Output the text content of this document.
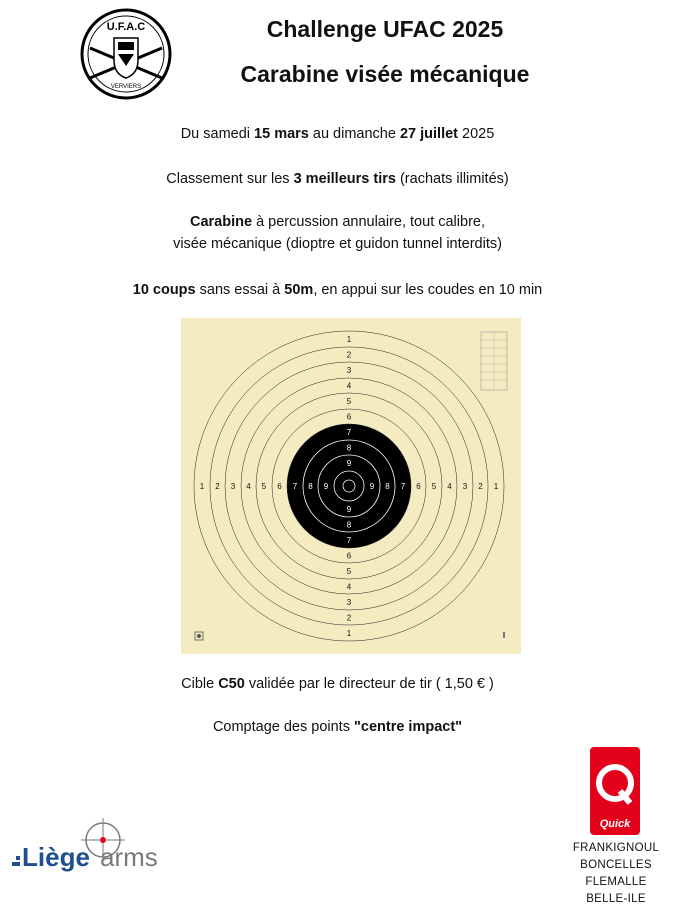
U.F.A.C
VERVIERS
Challenge UFAC 2025
Carabine visée mécanique
Du samedi 15 mars au dimanche 27 juillet 2025
Classement sur les 3 meilleurs tirs (rachats illimités)
Carabine à percussion annulaire, tout calibre,
visée mécanique (dioptre et guidon tunnel interdits)
10 coups sans essai à 50m, en appui sur les coudes en 10 min
1
1
1	1
2
2
2	2
3
3
3	3
4
4
4	4
5
5
5	5
6
6
6	6
7
7
7	7
8
8
8	8
9
9
9	9
Cible C50 validée par le directeur de tir ( 1,50 € )
Comptage des points "centre impact"
Liège arms
Quick
FRANKIGNOUL
BONCELLES
FLEMALLE
BELLE-ILE
